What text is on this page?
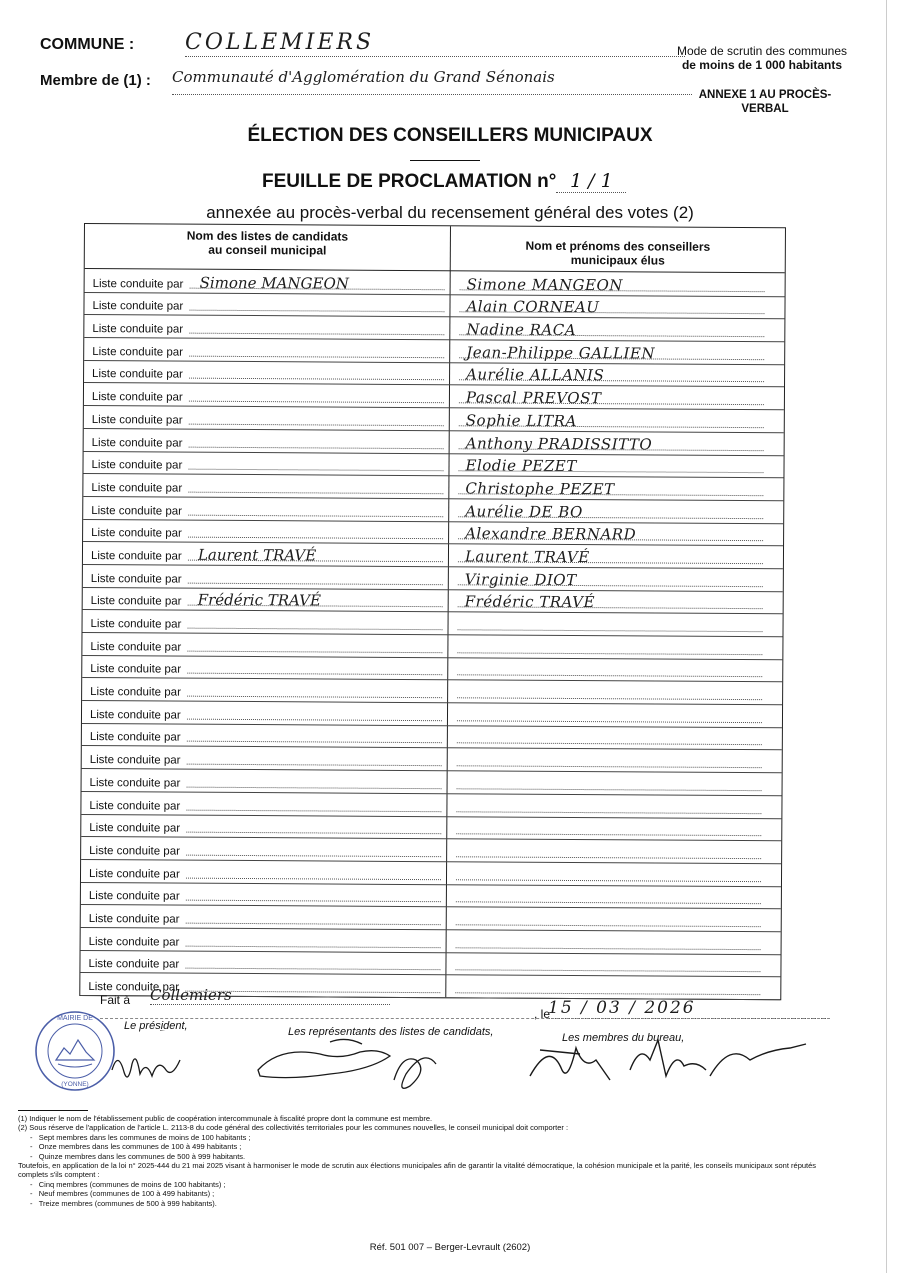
COMMUNE : COLLEMIERS
Membre de (1) : Communauté d'Agglomération du Grand Sénonais
Mode de scrutin des communes
de moins de 1 000 habitants
ANNEXE 1 AU PROCÈS-VERBAL
ÉLECTION DES CONSEILLERS MUNICIPAUX
FEUILLE DE PROCLAMATION n° 1 / 1
annexée au procès-verbal du recensement général des votes (2)
Nom des listes de candidats
au conseil municipal	Nom et prénoms des conseillers
municipaux élus
Liste conduite par Simone MANGEON	Simone MANGEON
Liste conduite par	Alain CORNEAU
Liste conduite par	Nadine RACA
Liste conduite par	Jean-Philippe GALLIEN
Liste conduite par	Aurélie ALLANIS
Liste conduite par	Pascal PREVOST
Liste conduite par	Sophie LITRA
Liste conduite par	Anthony PRADISSITTO
Liste conduite par	Elodie PEZET
Liste conduite par	Christophe PEZET
Liste conduite par	Aurélie DE BO
Liste conduite par	Alexandre BERNARD
Liste conduite par Laurent TRAVÉ	Laurent TRAVÉ
Liste conduite par	Virginie DIOT
Liste conduite par Frédéric TRAVÉ	Frédéric TRAVÉ
Liste conduite par
Liste conduite par
Liste conduite par
Liste conduite par
Liste conduite par
Liste conduite par
Liste conduite par
Liste conduite par
Liste conduite par
Liste conduite par
Liste conduite par
Liste conduite par
Liste conduite par
Liste conduite par
Liste conduite par
Liste conduite par
Liste conduite par
Fait à Collemiers
, le
15 / 03 / 2026
Le président,	Les représentants des listes de candidats,	Les membres du bureau,
MAIRIE DE
(YONNE)
(1) Indiquer le nom de l'établissement public de coopération intercommunale à fiscalité propre dont la commune est membre.
(2) Sous réserve de l'application de l'article L. 2113-8 du code général des collectivités territoriales pour les communes nouvelles, le conseil municipal doit comporter :
-   Sept membres dans les communes de moins de 100 habitants ;
-   Onze membres dans les communes de 100 à 499 habitants ;
-   Quinze membres dans les communes de 500 à 999 habitants.
Toutefois, en application de la loi n° 2025-444 du 21 mai 2025 visant à harmoniser le mode de scrutin aux élections municipales afin de garantir la vitalité démocratique, la cohésion municipale et la parité, les conseils municipaux sont réputés complets s'ils comptent :
-   Cinq membres (communes de moins de 100 habitants) ;
-   Neuf membres (communes de 100 à 499 habitants) ;
-   Treize membres (communes de 500 à 999 habitants).
Réf. 501 007 – Berger-Levrault (2602)
